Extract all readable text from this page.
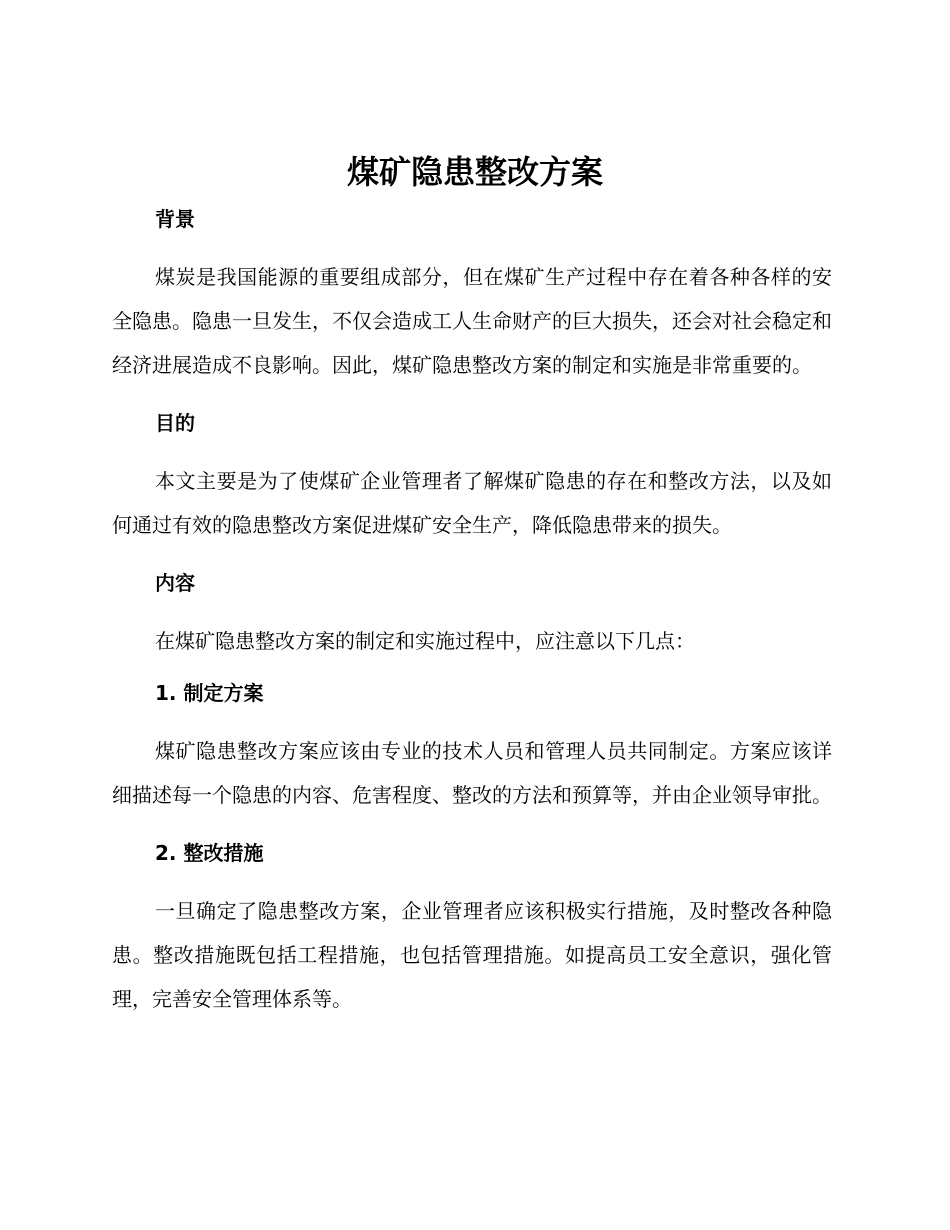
煤矿隐患整改方案
背景

煤炭是我国能源的重要组成部分，但在煤矿生产过程中存在着各种各样的安全隐患。隐患一旦发生，不仅会造成工人生命财产的巨大损失，还会对社会稳定和经济进展造成不良影响。因此，煤矿隐患整改方案的制定和实施是非常重要的。

目的

本文主要是为了使煤矿企业管理者了解煤矿隐患的存在和整改方法，以及如何通过有效的隐患整改方案促进煤矿安全生产，降低隐患带来的损失。

内容

在煤矿隐患整改方案的制定和实施过程中，应注意以下几点：

1. 制定方案

煤矿隐患整改方案应该由专业的技术人员和管理人员共同制定。方案应该详细描述每一个隐患的内容、危害程度、整改的方法和预算等，并由企业领导审批。

2. 整改措施

一旦确定了隐患整改方案，企业管理者应该积极实行措施，及时整改各种隐患。整改措施既包括工程措施，也包括管理措施。如提高员工安全意识，强化管理，完善安全管理体系等。
